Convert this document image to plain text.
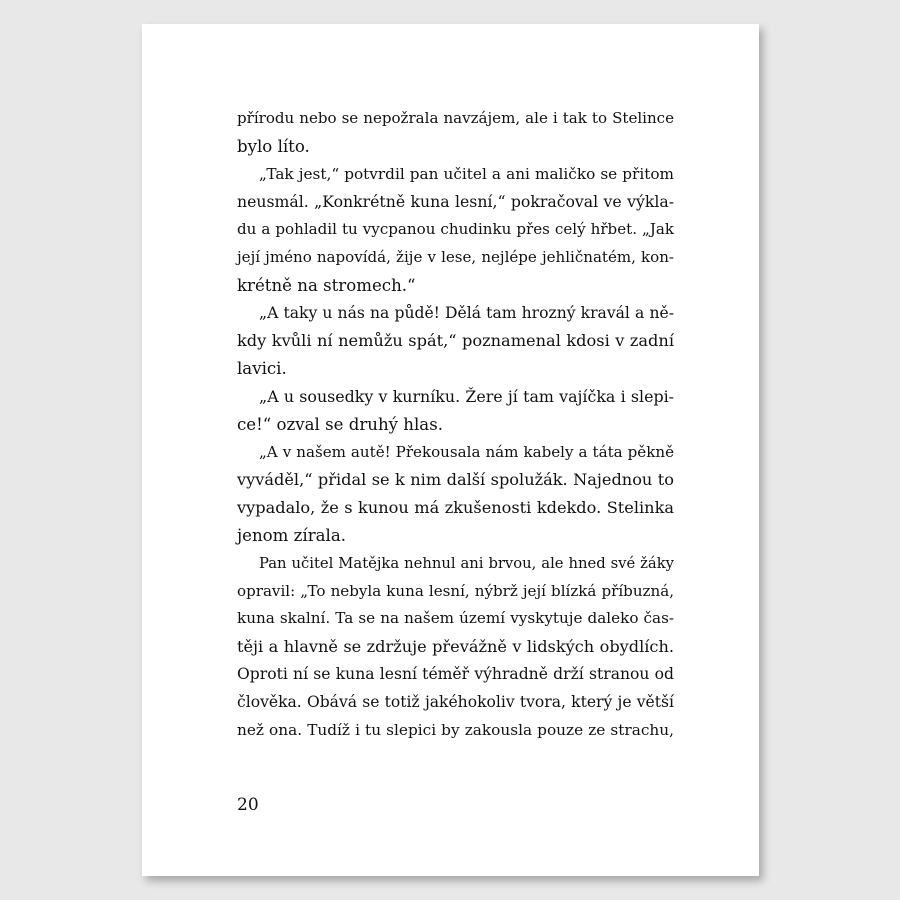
přírodu nebo se nepožrala navzájem, ale i tak to Stelince
bylo líto.
„Tak jest,“ potvrdil pan učitel a ani maličko se přitom
neusmál. „Konkrétně kuna lesní,“ pokračoval ve výkla-
du a pohladil tu vycpanou chudinku přes celý hřbet. „Jak
její jméno napovídá, žije v lese, nejlépe jehličnatém, kon-
krétně na stromech.“
„A taky u nás na půdě! Dělá tam hrozný kravál a ně-
kdy kvůli ní nemůžu spát,“ poznamenal kdosi v zadní
lavici.
„A u sousedky v kurníku. Žere jí tam vajíčka i slepi-
ce!“ ozval se druhý hlas.
„A v našem autě! Překousala nám kabely a táta pěkně
vyváděl,“ přidal se k nim další spolužák. Najednou to
vypadalo, že s kunou má zkušenosti kdekdo. Stelinka
jenom zírala.
Pan učitel Matějka nehnul ani brvou, ale hned své žáky
opravil: „To nebyla kuna lesní, nýbrž její blízká příbuzná,
kuna skalní. Ta se na našem území vyskytuje daleko čas-
těji a hlavně se zdržuje převážně v lidských obydlích.
Oproti ní se kuna lesní téměř výhradně drží stranou od
člověka. Obává se totiž jakéhokoliv tvora, který je větší
než ona. Tudíž i tu slepici by zakousla pouze ze strachu,
20
